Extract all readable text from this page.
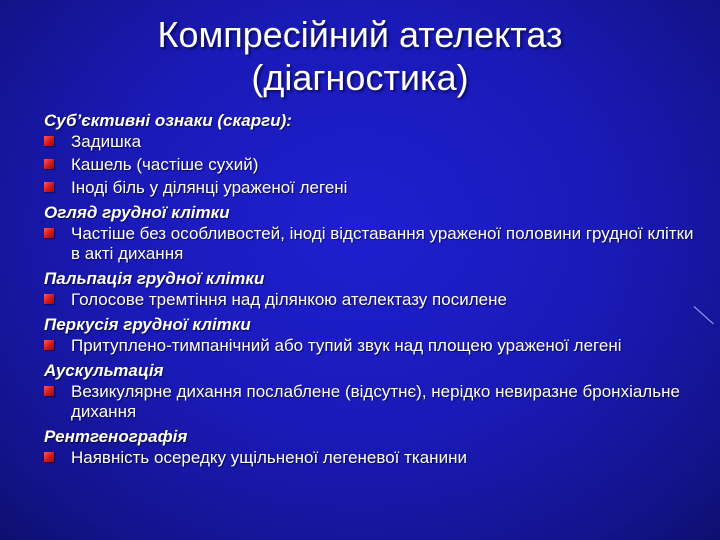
Компресійний ателектаз
(діагностика)
Суб’єктивні ознаки (скарги):
Задишка
Кашель (частіше сухий)
Іноді біль у ділянці ураженої легені
Огляд грудної клітки
Частіше без особливостей, іноді відставання ураженої половини грудної клітки в акті дихання
Пальпація грудної клітки
Голосове тремтіння над ділянкою ателектазу посилене
Перкусія грудної клітки
Притуплено-тимпанічний або тупий звук над площею ураженої легені
Аускультація
Везикулярне дихання послаблене (відсутнє), нерідко невиразне бронхіальне дихання
Рентгенографія
Наявність осередку ущільненої легеневої тканини
